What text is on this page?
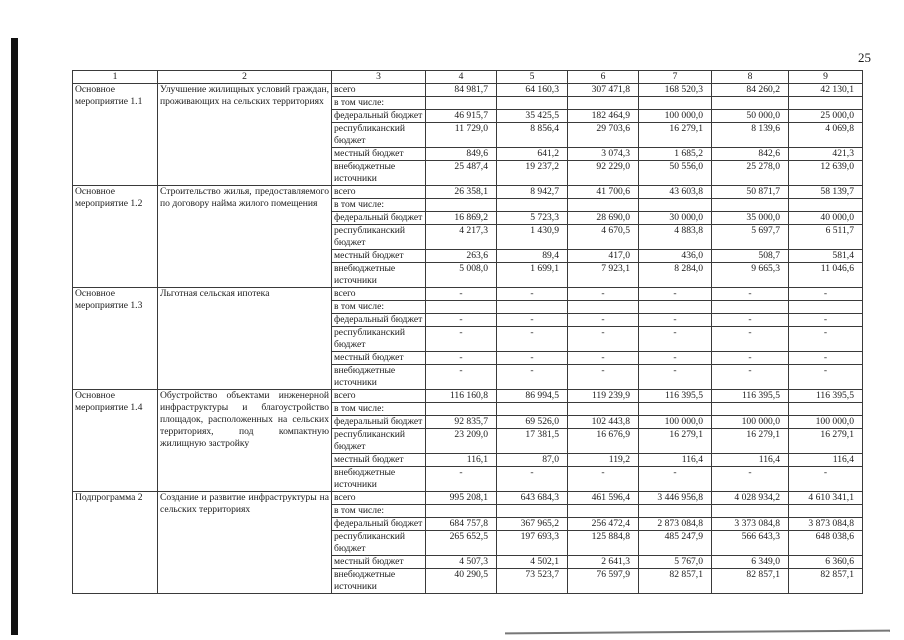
25
1	2	3	4	5	6	7	8	9
Основное мероприятие 1.1	Улучшение жилищных условий граждан, проживающих на сельских территориях	всего	84 981,7	64 160,3	307 471,8	168 520,3	84 260,2	42 130,1
		в том числе:						
		федеральный бюджет	46 915,7	35 425,5	182 464,9	100 000,0	50 000,0	25 000,0
		республиканский бюджет	11 729,0	8 856,4	29 703,6	16 279,1	8 139,6	4 069,8
		местный бюджет	849,6	641,2	3 074,3	1 685,2	842,6	421,3
		внебюджетные источники	25 487,4	19 237,2	92 229,0	50 556,0	25 278,0	12 639,0
Основное мероприятие 1.2	Строительство жилья, предоставляемого по договору найма жилого помещения	всего	26 358,1	8 942,7	41 700,6	43 603,8	50 871,7	58 139,7
		в том числе:						
		федеральный бюджет	16 869,2	5 723,3	28 690,0	30 000,0	35 000,0	40 000,0
		республиканский бюджет	4 217,3	1 430,9	4 670,5	4 883,8	5 697,7	6 511,7
		местный бюджет	263,6	89,4	417,0	436,0	508,7	581,4
		внебюджетные источники	5 008,0	1 699,1	7 923,1	8 284,0	9 665,3	11 046,6
Основное мероприятие 1.3	Льготная сельская ипотека	всего	-	-	-	-	-	-
		в том числе:						
		федеральный бюджет	-	-	-	-	-	-
		республиканский бюджет	-	-	-	-	-	-
		местный бюджет	-	-	-	-	-	-
		внебюджетные источники	-	-	-	-	-	-
Основное мероприятие 1.4	Обустройство объектами инженерной инфраструктуры и благоустройство площадок, расположенных на сельских территориях, под компактную жилищную застройку	всего	116 160,8	86 994,5	119 239,9	116 395,5	116 395,5	116 395,5
		в том числе:						
		федеральный бюджет	92 835,7	69 526,0	102 443,8	100 000,0	100 000,0	100 000,0
		республиканский бюджет	23 209,0	17 381,5	16 676,9	16 279,1	16 279,1	16 279,1
		местный бюджет	116,1	87,0	119,2	116,4	116,4	116,4
		внебюджетные источники	-	-	-	-	-	-
Подпрограмма 2	Создание и развитие инфраструктуры на сельских территориях	всего	995 208,1	643 684,3	461 596,4	3 446 956,8	4 028 934,2	4 610 341,1
		в том числе:						
		федеральный бюджет	684 757,8	367 965,2	256 472,4	2 873 084,8	3 373 084,8	3 873 084,8
		республиканский бюджет	265 652,5	197 693,3	125 884,8	485 247,9	566 643,3	648 038,6
		местный бюджет	4 507,3	4 502,1	2 641,3	5 767,0	6 349,0	6 360,6
		внебюджетные источники	40 290,5	73 523,7	76 597,9	82 857,1	82 857,1	82 857,1
